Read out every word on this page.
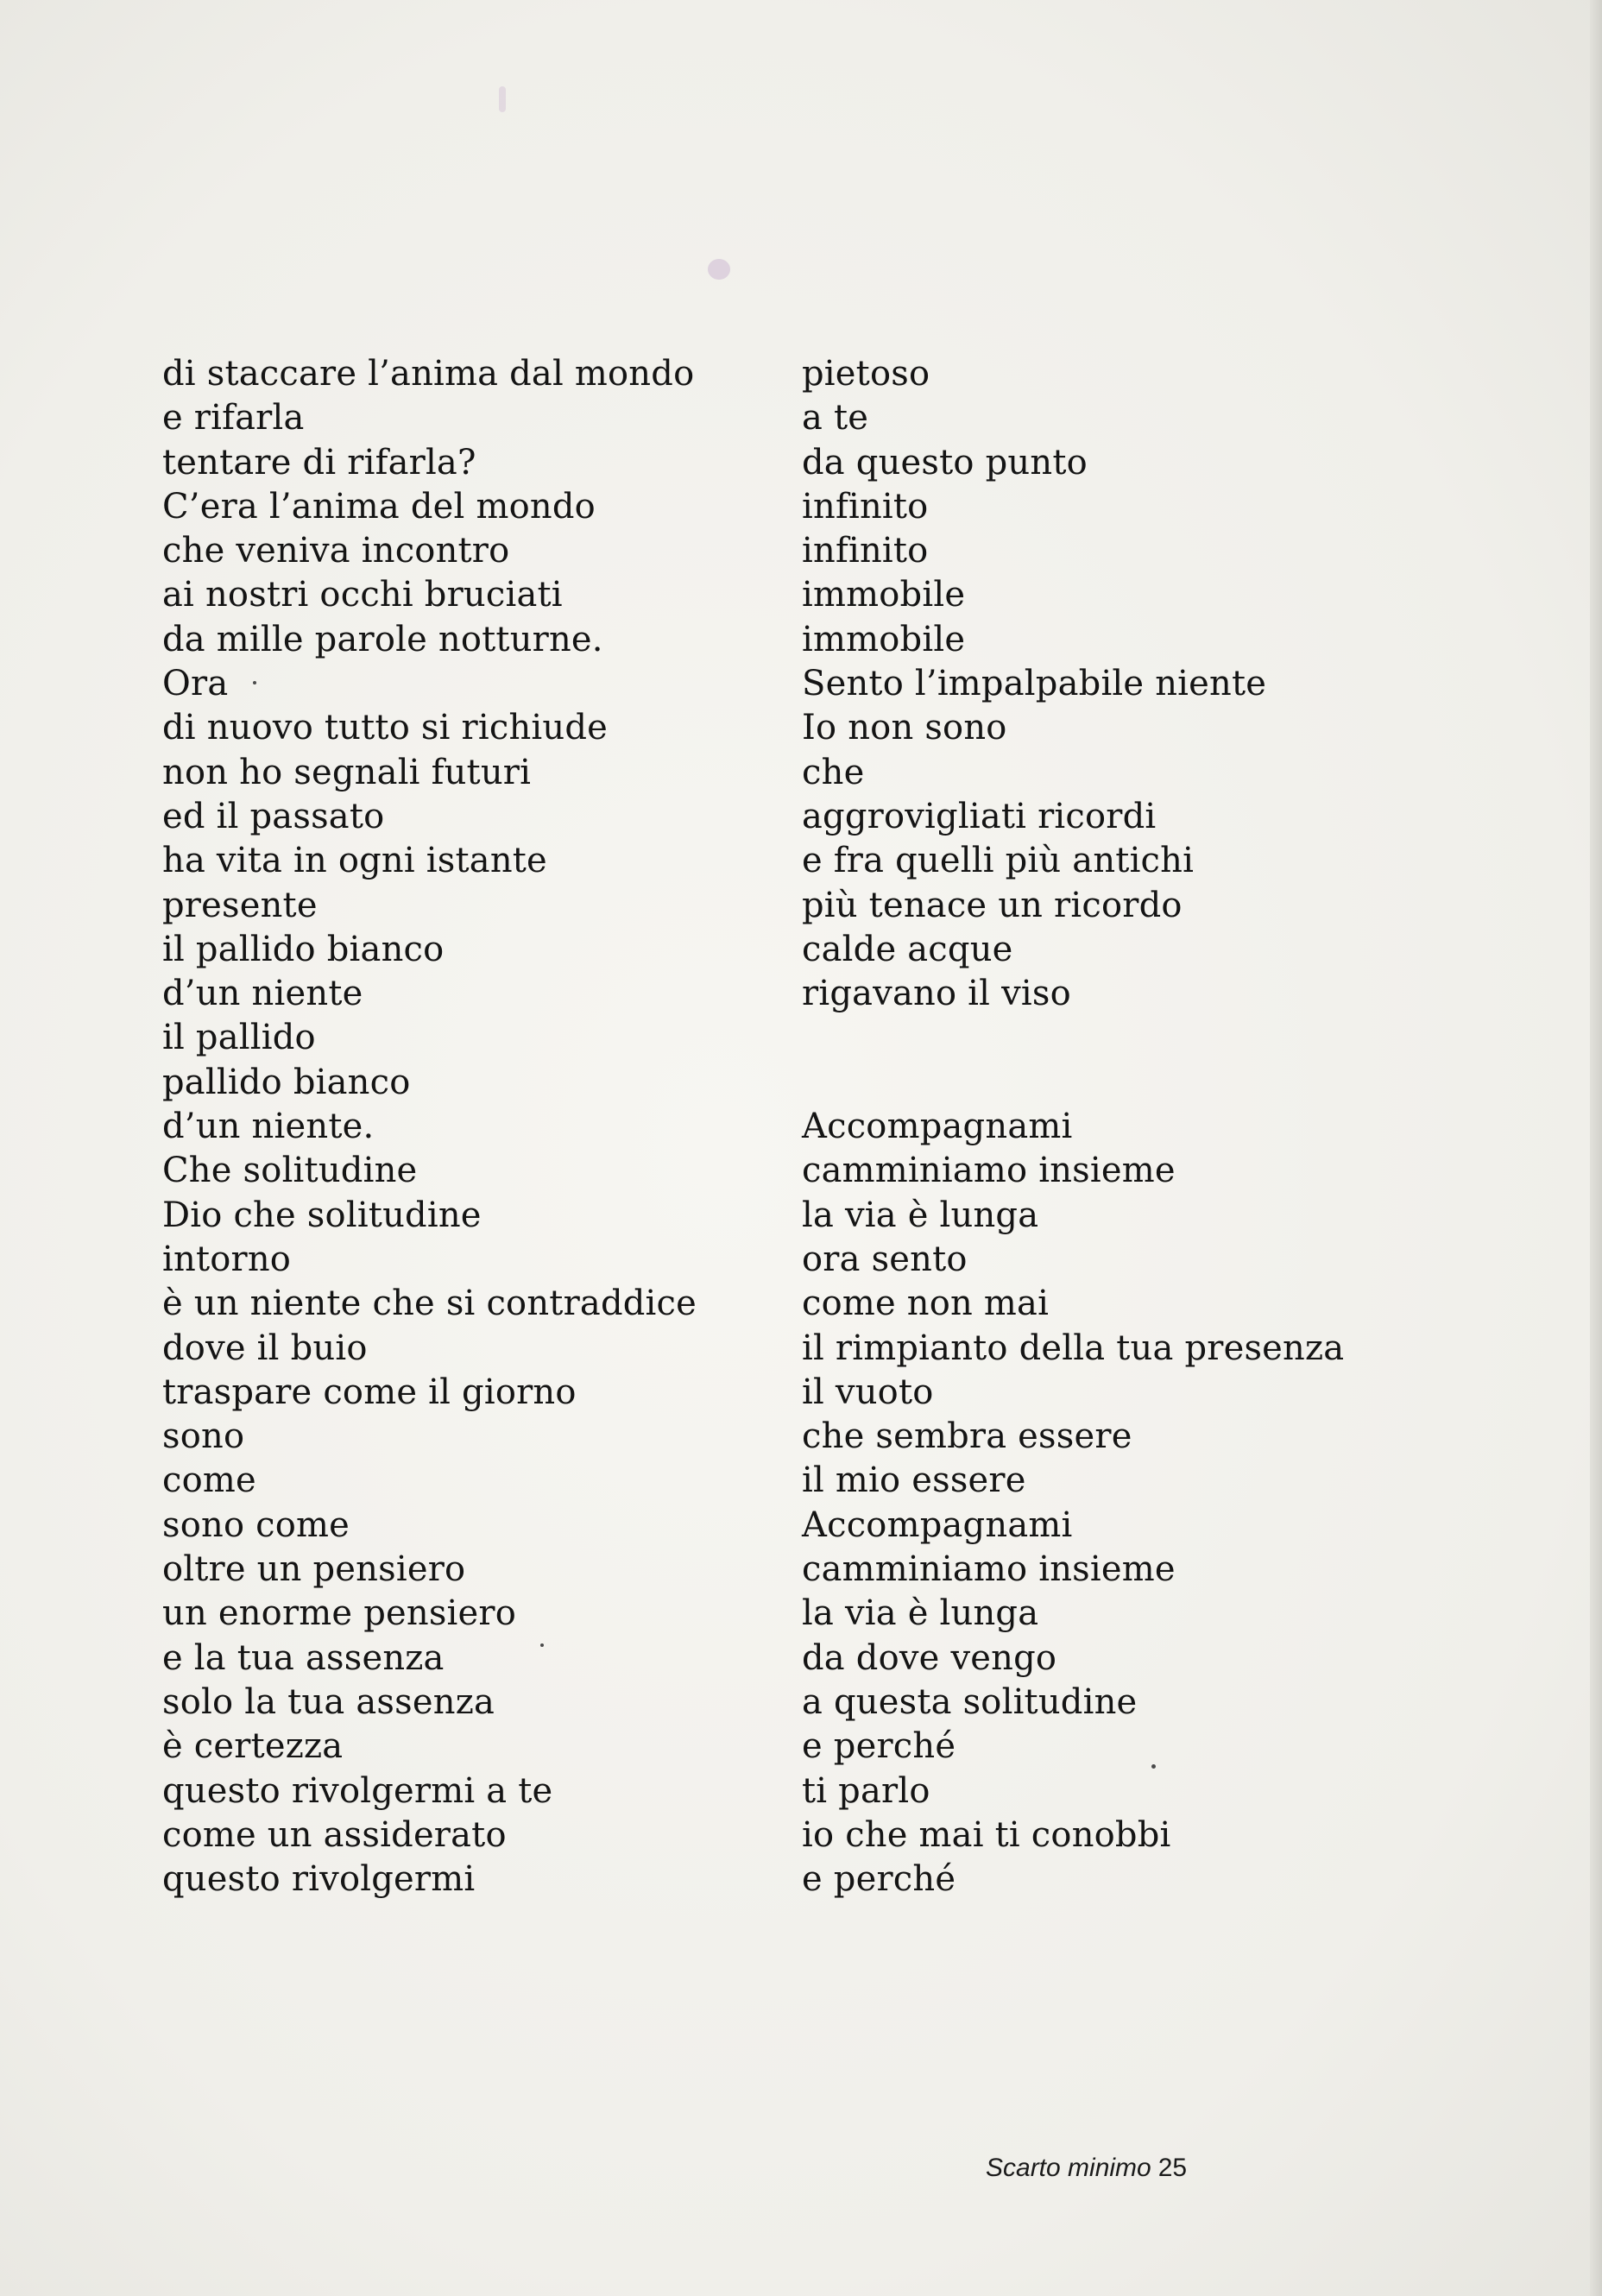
di staccare l’anima dal mondo
e rifarla
tentare di rifarla?
C’era l’anima del mondo
che veniva incontro
ai nostri occhi bruciati
da mille parole notturne.
Ora
di nuovo tutto si richiude
non ho segnali futuri
ed il passato
ha vita in ogni istante
presente
il pallido bianco
d’un niente
il pallido
pallido bianco
d’un niente.
Che solitudine
Dio che solitudine
intorno
è un niente che si contraddice
dove il buio
traspare come il giorno
sono
come
sono come
oltre un pensiero
un enorme pensiero
e la tua assenza
solo la tua assenza
è certezza
questo rivolgermi a te
come un assiderato
questo rivolgermi
pietoso
a te
da questo punto
infinito
infinito
immobile
immobile
Sento l’impalpabile niente
Io non sono
che
aggrovigliati ricordi
e fra quelli più antichi
più tenace un ricordo
calde acque
rigavano il viso
Accompagnami
camminiamo insieme
la via è lunga
ora sento
come non mai
il rimpianto della tua presenza
il vuoto
che sembra essere
il mio essere
Accompagnami
camminiamo insieme
la via è lunga
da dove vengo
a questa solitudine
e perché
ti parlo
io che mai ti conobbi
e perché
Scarto minimo 25
